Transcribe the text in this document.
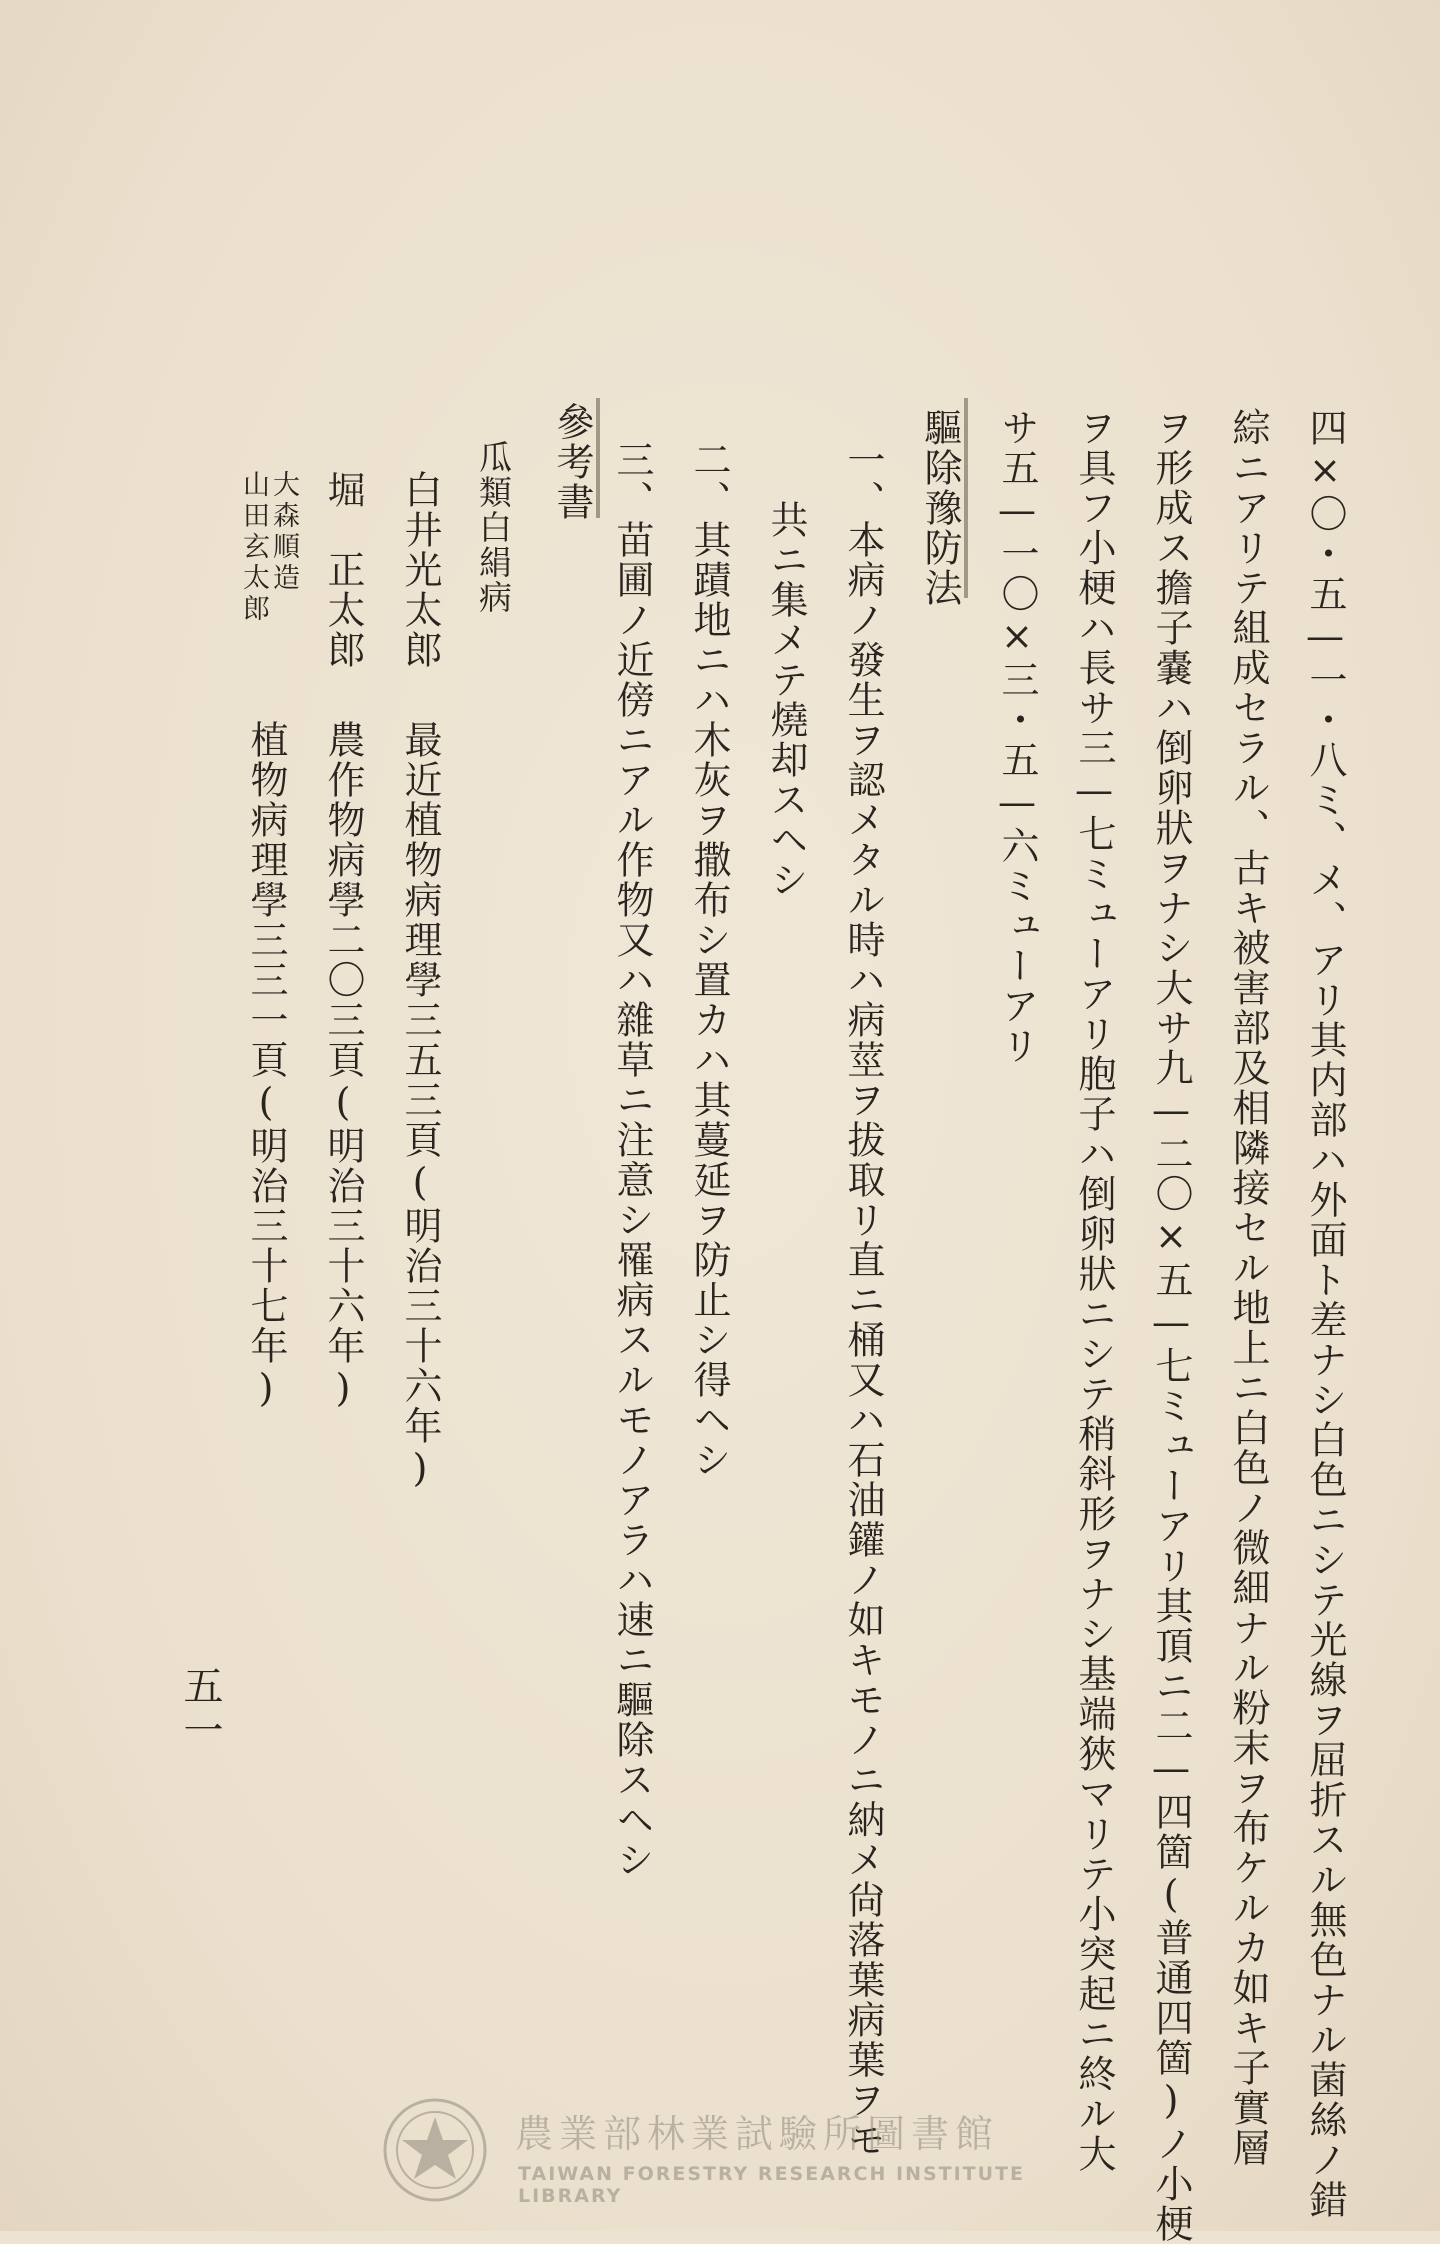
四×〇・五—一・八ミ、メ、アリ其内部ハ外面ト差ナシ白色ニシテ光線ヲ屈折スル無色ナル菌絲ノ錯
綜ニアリテ組成セラル、古キ被害部及相隣接セル地上ニ白色ノ微細ナル粉末ヲ布ケルカ如キ子實層
ヲ形成ス擔子嚢ハ倒卵狀ヲナシ大サ九—二〇×五—七ミューアリ其頂ニ二—四箇(普通四箇)ノ小梗
ヲ具フ小梗ハ長サ三—七ミューアリ胞子ハ倒卵狀ニシテ稍斜形ヲナシ基端狹マリテ小突起ニ終ル大
サ五—一〇×三・五—六ミューアリ
驅除豫防法
一、本病ノ發生ヲ認メタル時ハ病莖ヲ拔取リ直ニ桶又ハ石油鑵ノ如キモノニ納メ尙落葉病葉ヲモ
共ニ集メテ燒却スヘシ
二、其蹟地ニハ木灰ヲ撒布シ置カハ其蔓延ヲ防止シ得ヘシ
三、苗圃ノ近傍ニアル作物又ハ雜草ニ注意シ罹病スルモノアラハ速ニ驅除スヘシ
參考書
瓜類白絹病
白井光太郎
最近植物病理學三五三頁(明治三十六年)
堀　正太郎
農作物病學二〇三頁(明治三十六年)
大森順造
山田玄太郎
植物病理學三三一頁(明治三十七年)
五一
農業部林業試驗所圖書館
TAIWAN FORESTRY RESEARCH INSTITUTE LIBRARY
